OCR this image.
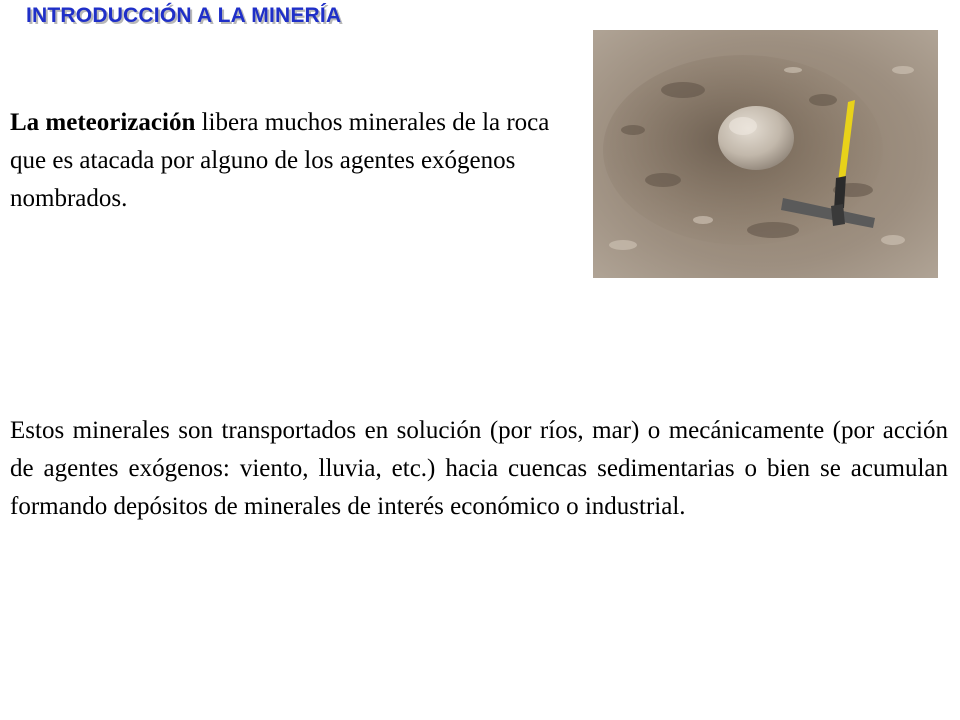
INTRODUCCIÓN A LA MINERÍA

La meteorización libera muchos minerales de la roca que es atacada por alguno de los agentes exógenos nombrados.

Estos minerales son transportados en solución (por ríos, mar) o mecánicamente (por acción de agentes exógenos: viento, lluvia, etc.) hacia cuencas sedimentarias o bien se acumulan formando depósitos de minerales de interés económico o industrial.
